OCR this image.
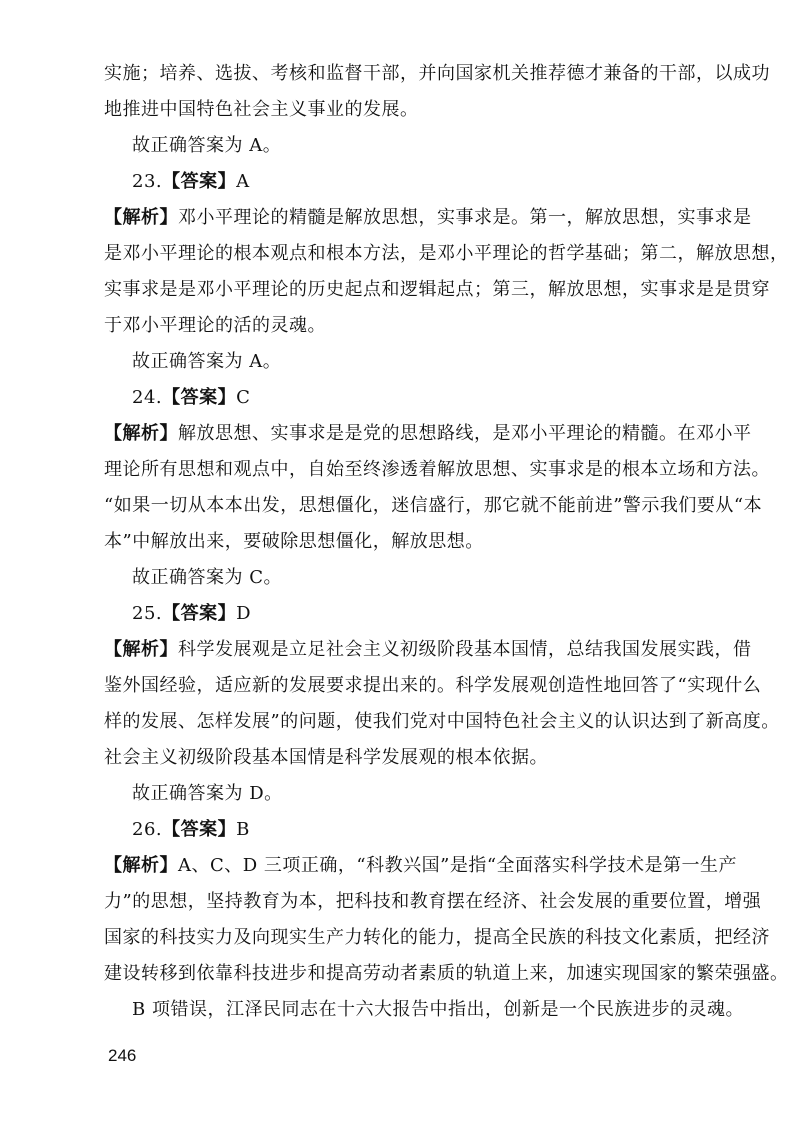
实施；培养、选拔、考核和监督干部，并向国家机关推荐德才兼备的干部，以成功
地推进中国特色社会主义事业的发展。
故正确答案为 A。
23.【答案】A
【解析】邓小平理论的精髓是解放思想，实事求是。第一，解放思想，实事求是
是邓小平理论的根本观点和根本方法，是邓小平理论的哲学基础；第二，解放思想，
实事求是是邓小平理论的历史起点和逻辑起点；第三，解放思想，实事求是是贯穿
于邓小平理论的活的灵魂。
故正确答案为 A。
24.【答案】C
【解析】解放思想、实事求是是党的思想路线，是邓小平理论的精髓。在邓小平
理论所有思想和观点中，自始至终渗透着解放思想、实事求是的根本立场和方法。
“如果一切从本本出发，思想僵化，迷信盛行，那它就不能前进”警示我们要从“本
本”中解放出来，要破除思想僵化，解放思想。
故正确答案为 C。
25.【答案】D
【解析】科学发展观是立足社会主义初级阶段基本国情，总结我国发展实践，借
鉴外国经验，适应新的发展要求提出来的。科学发展观创造性地回答了“实现什么
样的发展、怎样发展”的问题，使我们党对中国特色社会主义的认识达到了新高度。
社会主义初级阶段基本国情是科学发展观的根本依据。
故正确答案为 D。
26.【答案】B
【解析】A、C、D 三项正确，“科教兴国”是指“全面落实科学技术是第一生产
力”的思想，坚持教育为本，把科技和教育摆在经济、社会发展的重要位置，增强
国家的科技实力及向现实生产力转化的能力，提高全民族的科技文化素质，把经济
建设转移到依靠科技进步和提高劳动者素质的轨道上来，加速实现国家的繁荣强盛。
B 项错误，江泽民同志在十六大报告中指出，创新是一个民族进步的灵魂。
246
